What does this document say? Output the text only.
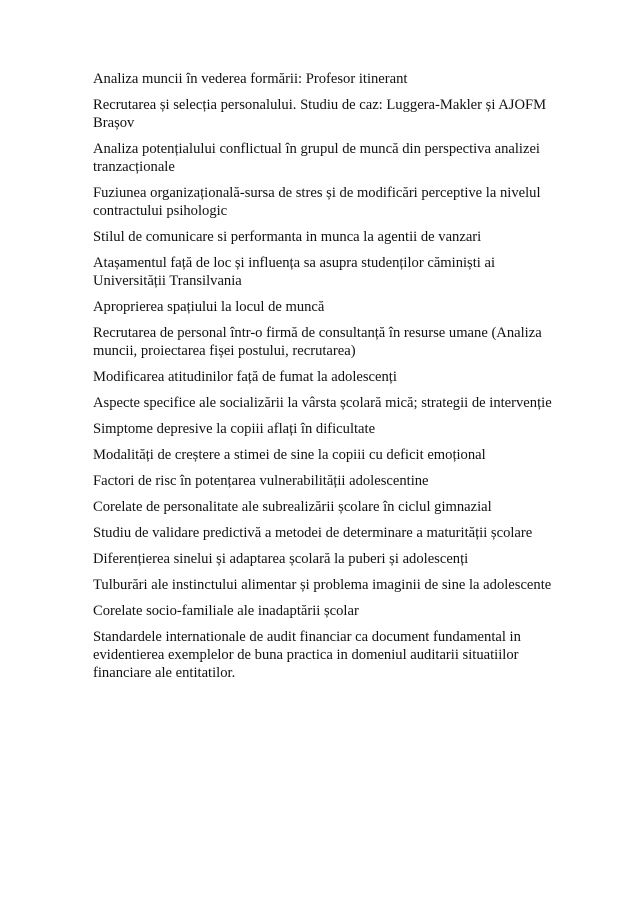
Analiza muncii în vederea formării: Profesor itinerant

Recrutarea și selecția personalului. Studiu de caz: Luggera-Makler și AJOFM Brașov

Analiza potențialului conflictual în grupul de muncă din perspectiva analizei tranzacționale

Fuziunea organizațională-sursa de stres și de modificări perceptive la nivelul contractului psihologic

Stilul de comunicare si performanta in munca la agentii de vanzari

Atașamentul față de loc și influența sa asupra studenților căminiști ai Universității Transilvania

Aproprierea spațiului la locul de muncă

Recrutarea de personal într-o firmă de consultanță în resurse umane (Analiza muncii, proiectarea fișei postului, recrutarea)

Modificarea atitudinilor față de fumat la adolescenți

Aspecte specifice ale socializării la vârsta școlară mică; strategii de intervenție

Simptome depresive la copiii aflați în dificultate

Modalități de creștere a stimei de sine la copiii cu deficit emoțional

Factori de risc în potențarea vulnerabilității adolescentine

Corelate de personalitate ale subrealizării școlare în ciclul gimnazial

Studiu de validare predictivă a metodei de determinare a maturității școlare

Diferențierea sinelui și adaptarea școlară la puberi și adolescenți

Tulburări ale instinctului alimentar și problema imaginii de sine la adolescente

Corelate socio-familiale ale inadaptării școlar

Standardele internationale de audit financiar ca document fundamental in evidentierea exemplelor de buna practica in domeniul auditarii situatiilor financiare ale entitatilor.
